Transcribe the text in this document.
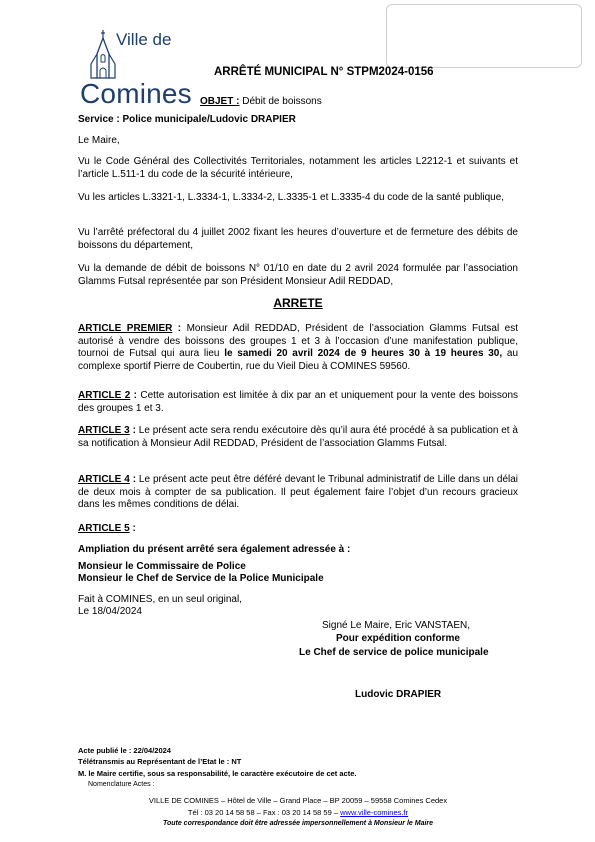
Ville de
Comines
ARRÊTÉ MUNICIPAL N° STPM2024-0156
OBJET : Débit de boissons
Service : Police municipale/Ludovic DRAPIER
Le Maire,
Vu le Code Général des Collectivités Territoriales, notamment les articles L2212-1 et suivants et l’article L.511-1 du code de la sécurité intérieure,
Vu les articles L.3321-1, L.3334-1, L.3334-2, L.3335-1 et L.3335-4 du code de la santé publique,
Vu l’arrêté préfectoral du 4 juillet 2002 fixant les heures d’ouverture et de fermeture des débits de boissons du département,
Vu la demande de débit de boissons N° 01/10 en date du 2 avril 2024 formulée par l’association Glamms Futsal représentée par son Président Monsieur Adil REDDAD,
ARRETE
ARTICLE PREMIER : Monsieur Adil REDDAD, Président de l’association Glamms Futsal est autorisé à vendre des boissons des groupes 1 et 3 à l’occasion d’une manifestation publique, tournoi de Futsal qui aura lieu le samedi 20 avril 2024 de 9 heures 30 à 19 heures 30, au complexe sportif Pierre de Coubertin, rue du Vieil Dieu à COMINES 59560.
ARTICLE 2 : Cette autorisation est limitée à dix par an et uniquement pour la vente des boissons des groupes 1 et 3.
ARTICLE 3 : Le présent acte sera rendu exécutoire dès qu’il aura été procédé à sa publication et à sa notification à Monsieur Adil REDDAD, Président de l’association Glamms Futsal.
ARTICLE 4 : Le présent acte peut être déféré devant le Tribunal administratif de Lille dans un délai de deux mois à compter de sa publication. Il peut également faire l’objet d’un recours gracieux dans les mêmes conditions de délai.
ARTICLE 5 :
Ampliation du présent arrêté sera également adressée à :
Monsieur le Commissaire de Police
Monsieur le Chef de Service de la Police Municipale
Fait à COMINES, en un seul original,
Le 18/04/2024
Signé Le Maire, Eric VANSTAEN,
Pour expédition conforme
Le Chef de service de police municipale
Ludovic DRAPIER
Acte publié le : 22/04/2024
Télétransmis au Représentant de l’Etat le : NT
M. le Maire certifie, sous sa responsabilité, le caractère exécutoire de cet acte.
Nomenclature Actes :
VILLE DE COMINES – Hôtel de Ville – Grand Place – BP 20059 – 59558 Comines Cedex
Tél : 03 20 14 58 58 – Fax : 03 20 14 58 59 – www.ville-comines.fr
Toute correspondance doit être adressée impersonnellement à Monsieur le Maire
